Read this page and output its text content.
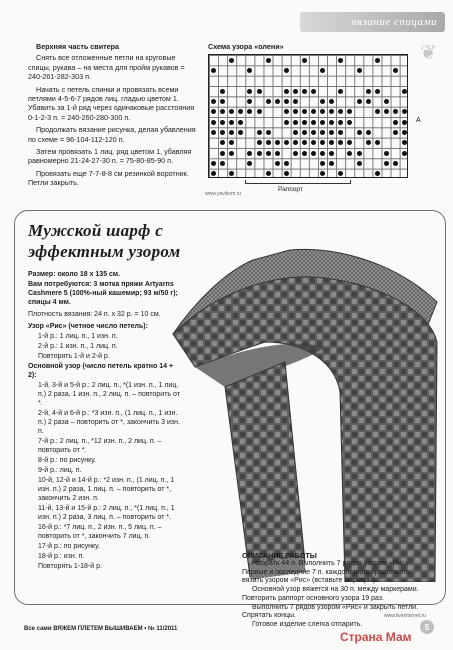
вязание спицами
❦
Верхняя часть свитера

Снять все отложенные петли на круговые спицы, рукава – на места для пройм рукавов = 240-261-282-303 п.

Начать с петель спинки и провязать всеми петлями 4-5-6-7 рядов лиц. гладью цветом 1. Убавить за 1-й ряд через одинаковые расстояния 0-1-2-3 п. = 240-260-280-300 п.

Продолжать вязание рисунка, делая убавления по схеме = 96-104-112-120 п.

Затем провязать 1 лиц. ряд цветом 1, убавляя равномерно 21-24-27-30 п. = 75-80-85-90 п.

Провязать еще 7-7-8-8 см резинкой воротник. Петли закрыть.

Схема узора «олени»
A
Раппорт
www.yavikom.ru
Мужской шарф с
эффектным узором

Размер: около 18 х 135 см.

Вам потребуются: 3 мотка пряжи Artyarns Cashmere 5 (100%-ный кашемир; 93 м/50 г); спицы 4 мм.

Плотность вязания: 24 п. х 32 р. = 10 см.

Узор «Рис» (четное число петель):

1-й р.: 1 лиц. п., 1 изн. п.

2-й р.: 1 изн. п., 1 лиц. п.

Повторять 1-й и 2-й р.

Основной узор (число петель кратно 14 + 2):

1-й, 3-й и 5-й р.: 2 лиц. п., *(1 изн. п., 1 лиц. п.) 2 раза, 1 изн. п., 2 лиц. п. – повторить от *.

2-й, 4-й и 6-й р.: *3 изн. п., (1 лиц. п., 1 изн. п.) 2 раза – повторить от *, закончить 3 изн. п.

7-й р.: 2 лиц. п., *12 изн. п., 2 лиц. п. – повторить от *.

8-й р.: по рисунку.

9-й р.: лиц. п.

10-й, 12-й и 14-й р.: *2 изн. п., (1 лиц. п., 1 изн. п.) 2 раза, 1 лиц. п. – повторить от *, закончить 2 изн. п.

11-й, 13-й и 15-й р.: 2 лиц. п., *(1 лиц. п., 1 изн. п.) 2 раза, 3 лиц. п. – повторить от *.

16-й р.: *7 лиц. п., 2 изн. п., 5 лиц. п. – повторить от *, закончить 7 лиц. п.

17-й р.: по рисунку.

18-й р.: изн. п.

Повторять 1-18-й р.

ОПИСАНИЕ РАБОТЫ

Набрать 44 п. Выполнить 7 рядов узором «Рис». Первые и последние 7 п. каждого ряда продолжать вязать узором «Рис» (вставьте маркеры).

Основной узор вяжется на 30 п. между маркерами. Повторить раппорт основного узора 19 раз.

Выполнить 7 рядов узором «Рис» и закрыть петли. Спрятать концы.

Готовое изделие слегка отпарить.

www.liveinternet.ru
Все сами ВЯЖЕМ ПЛЕТЕМ ВЫШИВАЕМ • № 11/2011	5
Страна Мам
